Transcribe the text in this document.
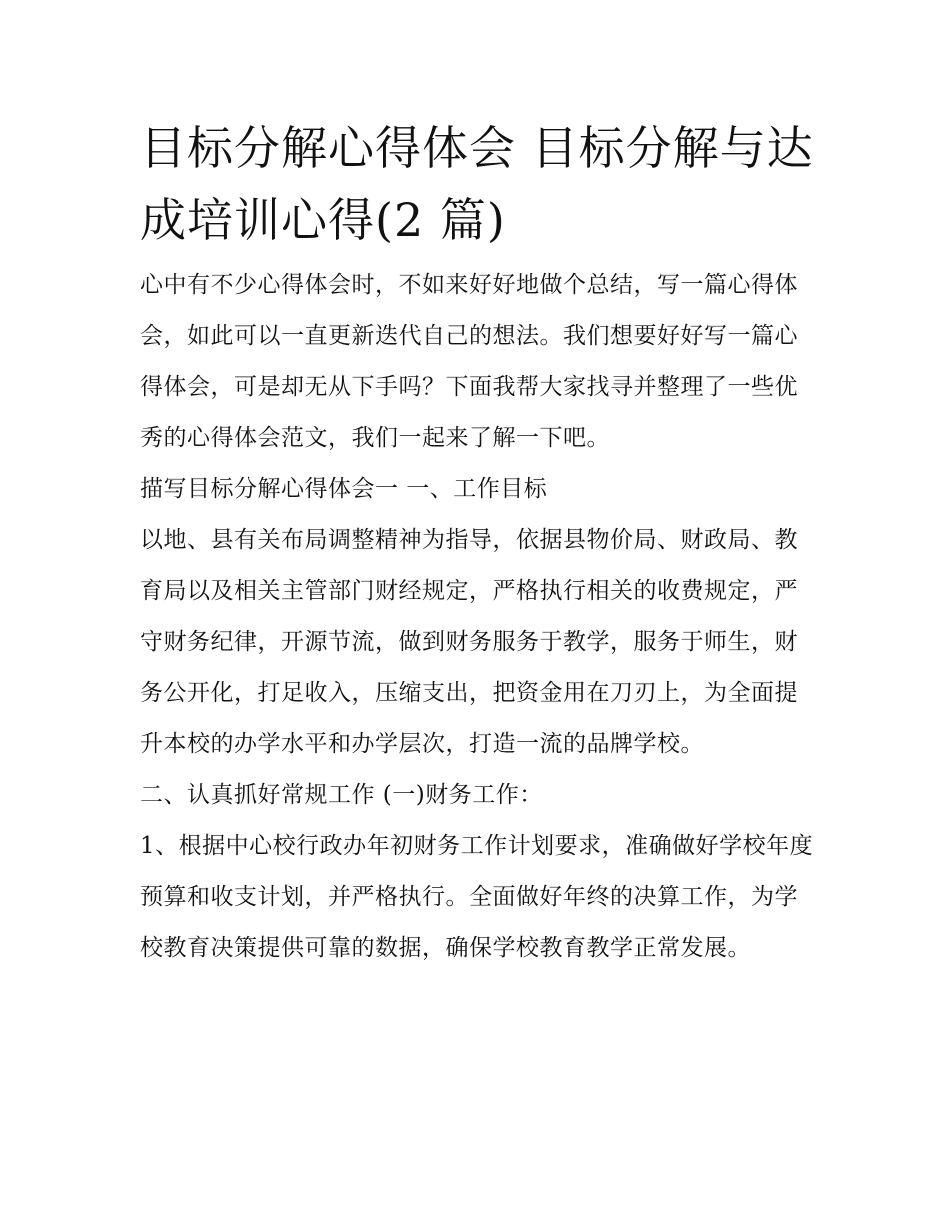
目标分解心得体会 目标分解与达成培训心得(2 篇)

心中有不少心得体会时，不如来好好地做个总结，写一篇心得体会，如此可以一直更新迭代自己的想法。我们想要好好写一篇心得体会，可是却无从下手吗？下面我帮大家找寻并整理了一些优秀的心得体会范文，我们一起来了解一下吧。

描写目标分解心得体会一 一、工作目标

以地、县有关布局调整精神为指导，依据县物价局、财政局、教育局以及相关主管部门财经规定，严格执行相关的收费规定，严守财务纪律，开源节流，做到财务服务于教学，服务于师生，财务公开化，打足收入，压缩支出，把资金用在刀刃上，为全面提升本校的办学水平和办学层次，打造一流的品牌学校。

二、认真抓好常规工作 (一)财务工作：

1、根据中心校行政办年初财务工作计划要求，准确做好学校年度预算和收支计划，并严格执行。全面做好年终的决算工作，为学校教育决策提供可靠的数据，确保学校教育教学正常发展。
